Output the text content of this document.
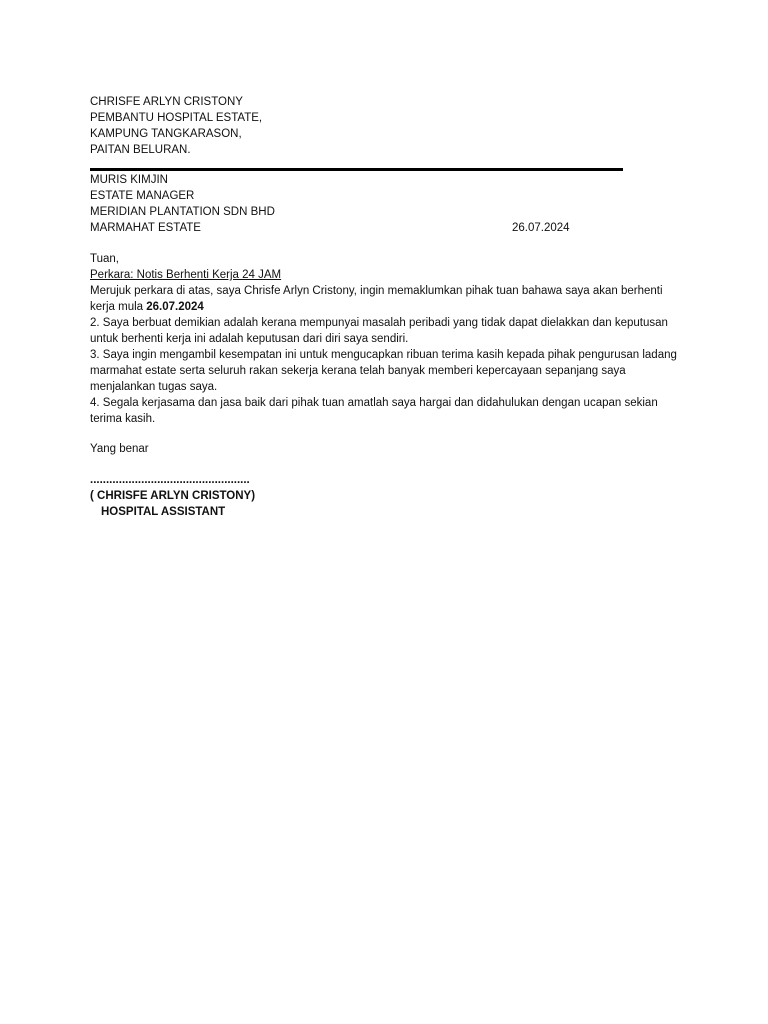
CHRISFE ARLYN CRISTONY
PEMBANTU HOSPITAL ESTATE,
KAMPUNG TANGKARASON,
PAITAN BELURAN.
MURIS KIMJIN
ESTATE MANAGER
MERIDIAN PLANTATION SDN BHD
MARMAHAT ESTATE	26.07.2024
Tuan,
Perkara: Notis Berhenti Kerja 24 JAM
Merujuk perkara di atas, saya Chrisfe Arlyn Cristony, ingin memaklumkan pihak tuan bahawa saya akan berhenti kerja mula 26.07.2024
2. Saya berbuat demikian adalah kerana mempunyai masalah peribadi yang tidak dapat dielakkan dan keputusan untuk berhenti kerja ini adalah keputusan dari diri saya sendiri.
3. Saya ingin mengambil kesempatan ini untuk mengucapkan ribuan terima kasih kepada pihak pengurusan ladang marmahat estate serta seluruh rakan sekerja kerana telah banyak memberi kepercayaan sepanjang saya menjalankan tugas saya.
4. Segala kerjasama dan jasa baik dari pihak tuan amatlah saya hargai dan didahulukan dengan ucapan sekian terima kasih.
Yang benar
..................................................
( CHRISFE ARLYN CRISTONY)
HOSPITAL ASSISTANT
